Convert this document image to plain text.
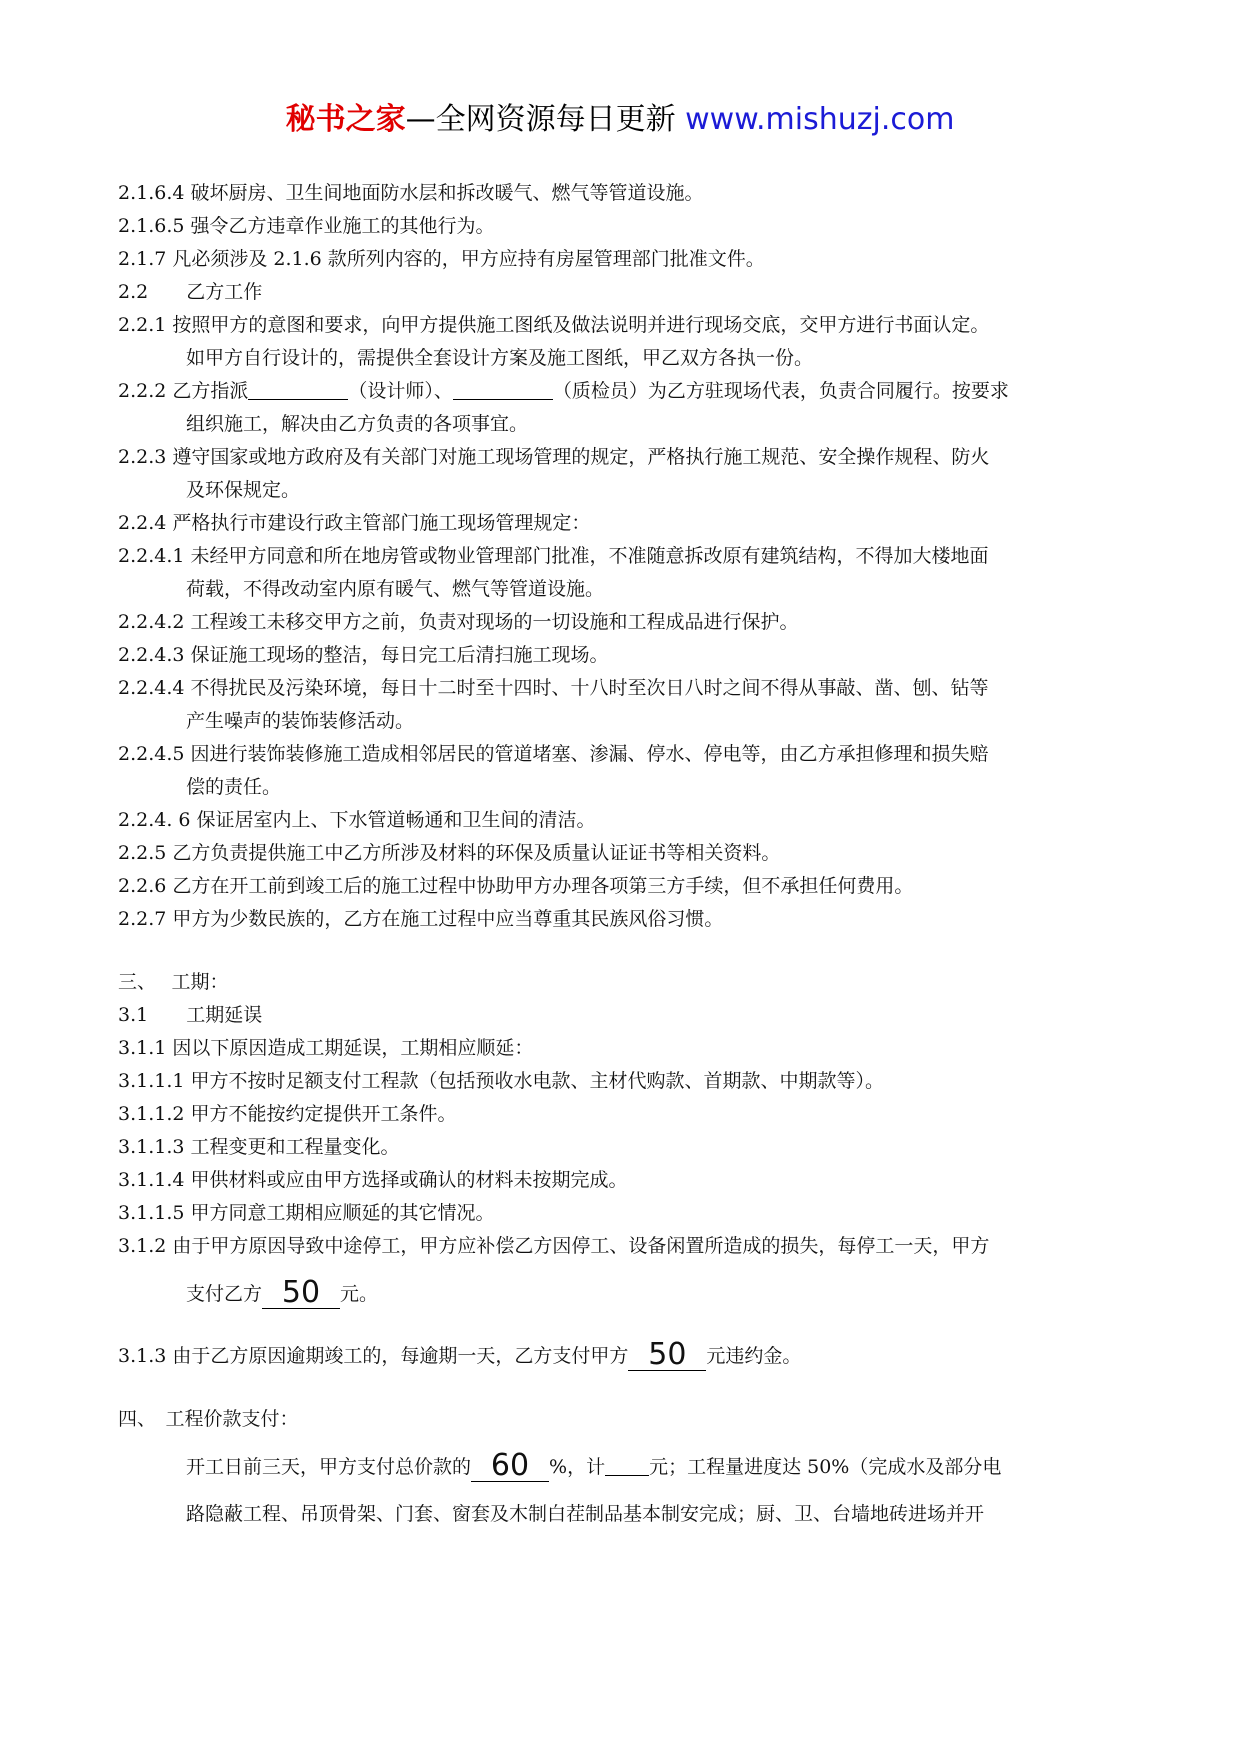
秘书之家—全网资源每日更新 www.mishuzj.com
2.1.6.4 破坏厨房、卫生间地面防水层和拆改暖气、燃气等管道设施。
2.1.6.5 强令乙方违章作业施工的其他行为。
2.1.7 凡必须涉及 2.1.6 款所列内容的，甲方应持有房屋管理部门批准文件。
2.2　　乙方工作
2.2.1 按照甲方的意图和要求，向甲方提供施工图纸及做法说明并进行现场交底，交甲方进行书面认定。
如甲方自行设计的，需提供全套设计方案及施工图纸，甲乙双方各执一份。
2.2.2 乙方指派	（设计师）、	（质检员）为乙方驻现场代表，负责合同履行。按要求
组织施工，解决由乙方负责的各项事宜。
2.2.3 遵守国家或地方政府及有关部门对施工现场管理的规定，严格执行施工规范、安全操作规程、防火
及环保规定。
2.2.4 严格执行市建设行政主管部门施工现场管理规定：
2.2.4.1 未经甲方同意和所在地房管或物业管理部门批准，不准随意拆改原有建筑结构，不得加大楼地面
荷载，不得改动室内原有暖气、燃气等管道设施。
2.2.4.2 工程竣工未移交甲方之前，负责对现场的一切设施和工程成品进行保护。
2.2.4.3 保证施工现场的整洁，每日完工后清扫施工现场。
2.2.4.4 不得扰民及污染环境，每日十二时至十四时、十八时至次日八时之间不得从事敲、凿、刨、钻等
产生噪声的装饰装修活动。
2.2.4.5 因进行装饰装修施工造成相邻居民的管道堵塞、渗漏、停水、停电等，由乙方承担修理和损失赔
偿的责任。
2.2.4. 6 保证居室内上、下水管道畅通和卫生间的清洁。
2.2.5 乙方负责提供施工中乙方所涉及材料的环保及质量认证证书等相关资料。
2.2.6 乙方在开工前到竣工后的施工过程中协助甲方办理各项第三方手续，但不承担任何费用。
2.2.7 甲方为少数民族的，乙方在施工过程中应当尊重其民族风俗习惯。
三、　 工期：
3.1　　工期延误
3.1.1 因以下原因造成工期延误，工期相应顺延：
3.1.1.1 甲方不按时足额支付工程款（包括预收水电款、主材代购款、首期款、中期款等）。
3.1.1.2 甲方不能按约定提供开工条件。
3.1.1.3 工程变更和工程量变化。
3.1.1.4 甲供材料或应由甲方选择或确认的材料未按期完成。
3.1.1.5 甲方同意工期相应顺延的其它情况。
3.1.2 由于甲方原因导致中途停工，甲方应补偿乙方因停工、设备闲置所造成的损失，每停工一天，甲方
支付乙方 50 元。
3.1.3 由于乙方原因逾期竣工的，每逾期一天，乙方支付甲方 50 元违约金。
四、　工程价款支付：
开工日前三天，甲方支付总价款的 60 %，计 元；工程量进度达 50%（完成水及部分电
路隐蔽工程、吊顶骨架、门套、窗套及木制白茬制品基本制安完成；厨、卫、台墙地砖进场并开
